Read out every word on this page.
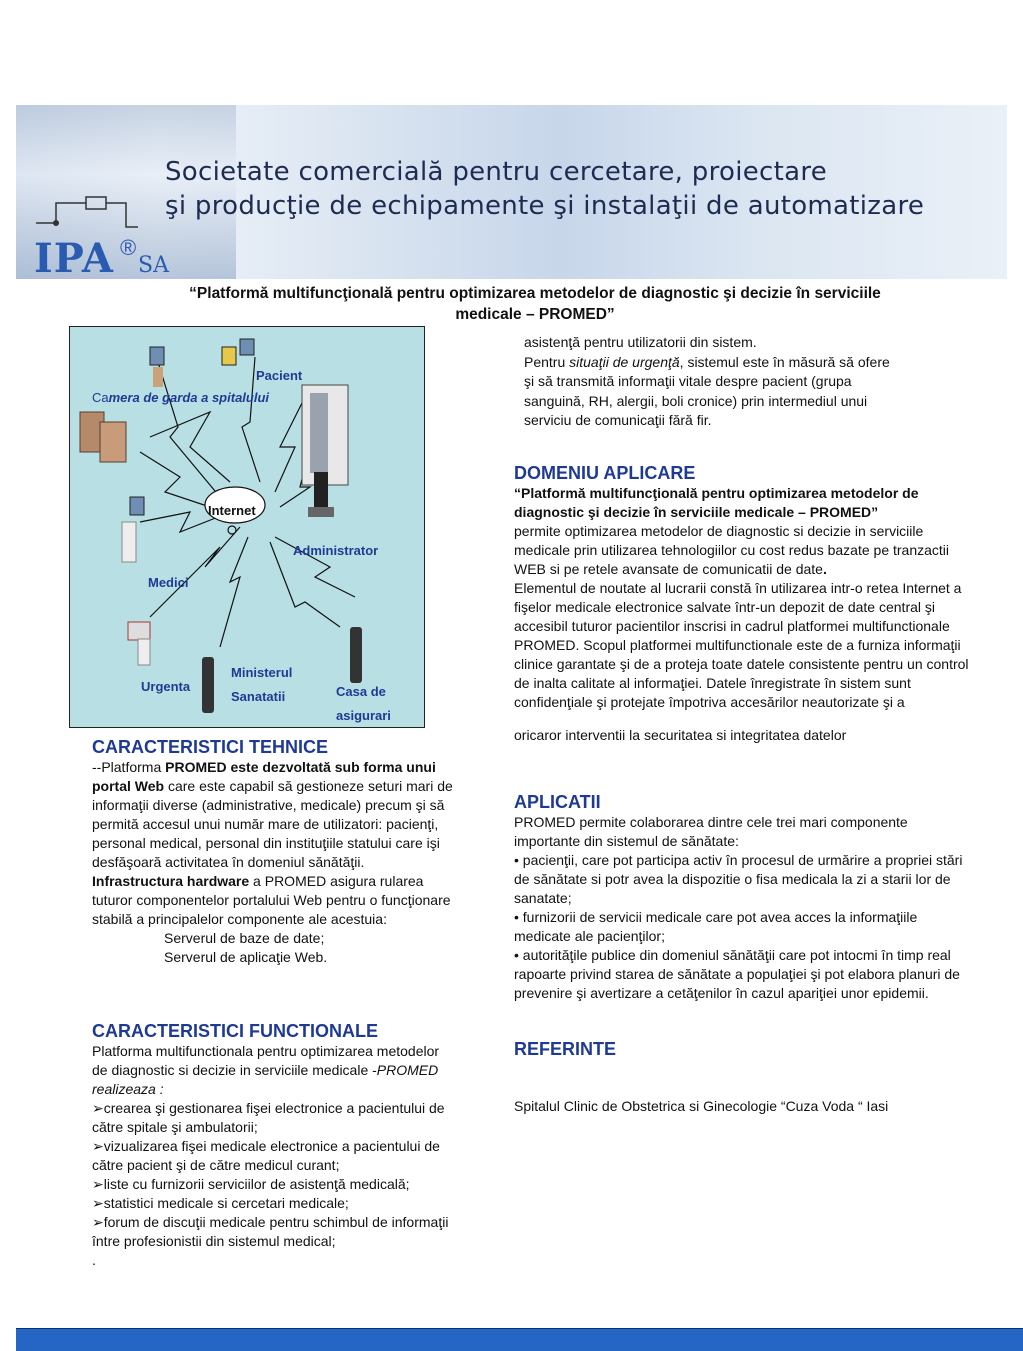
Societate comercială pentru cercetare, proiectare
şi producţie de echipamente şi instalaţii de automatizare
IPA ®
SA
“Platformă multifuncţională pentru optimizarea metodelor de diagnostic şi decizie în serviciile
medicale – PROMED”
Pacient
Camera de garda a spitalului
Internet
Administrator
Medici
Urgenta
Ministerul
Sanatatii	Casa de
asigurari
asistenţă pentru utilizatorii din sistem.
Pentru situaţii de urgenţă, sistemul este în măsură să ofere
şi să transmită informaţii vitale despre pacient (grupa
sanguină, RH, alergii, boli cronice) prin intermediul unui
serviciu de comunicaţii fără fir.
DOMENIU APLICARE

“Platformă multifuncţională pentru optimizarea metodelor de diagnostic şi decizie în serviciile medicale – PROMED”
permite optimizarea metodelor de diagnostic si decizie in serviciile medicale prin utilizarea tehnologiilor cu cost redus bazate pe tranzactii WEB si pe retele avansate de comunicatii de date.

Elementul de noutate al lucrarii constă în utilizarea intr-o retea Internet a fişelor medicale electronice salvate într-un depozit de date central şi accesibil tuturor pacientilor inscrisi in cadrul platformei multifunctionale PROMED. Scopul platformei multifunctionale este de a furniza informaţii clinice garantate şi de a proteja toate datele consistente pentru un control de inalta calitate al informaţiei. Datele înregistrate în sistem sunt confidenţiale şi protejate împotriva accesărilor neautorizate şi a

oricaror interventii la securitatea si integritatea datelor

APLICATII

PROMED permite colaborarea dintre cele trei mari componente importante din sistemul de sănătate:

• pacienţii, care pot participa activ în procesul de urmărire a propriei stări de sănătate si potr avea la dispozitie o fisa medicala la zi a starii lor de sanatate;

• furnizorii de servicii medicale care pot avea acces la informaţiile medicate ale pacienţilor;

• autorităţile publice din domeniul sănătăţii care pot intocmi în timp real rapoarte privind starea de sănătate a populaţiei şi pot elabora planuri de prevenire şi avertizare a cetăţenilor în cazul apariţiei unor epidemii.

REFERINTE

Spitalul Clinic de Obstetrica si Ginecologie “Cuza Voda “ Iasi

CARACTERISTICI TEHNICE

--Platforma PROMED este dezvoltată sub forma unui portal Web care este capabil să gestioneze seturi mari de informaţii diverse (administrative, medicale) precum şi să permită accesul unui număr mare de utilizatori: pacienţi, personal medical, personal din instituţiile statului care işi desfăşoară activitatea în domeniul sănătăţii.

Infrastructura hardware a PROMED asigura rularea tuturor componentelor portalului Web pentru o funcţionare stabilă a principalelor componente ale acestuia:

Serverul de baze de date;

Serverul de aplicaţie Web.

CARACTERISTICI FUNCTIONALE

Platforma multifunctionala pentru optimizarea metodelor de diagnostic si decizie in serviciile medicale -PROMED realizeaza :

➢crearea şi gestionarea fişei electronice a pacientului de către spitale şi ambulatorii;

➢vizualizarea fişei medicale electronice a pacientului de către pacient şi de către medicul curant;

➢liste cu furnizorii serviciilor de asistenţă medicală;

➢statistici medicale si cercetari medicale;

➢forum de discuţii medicale pentru schimbul de informaţii între profesionistii din sistemul medical;

.
